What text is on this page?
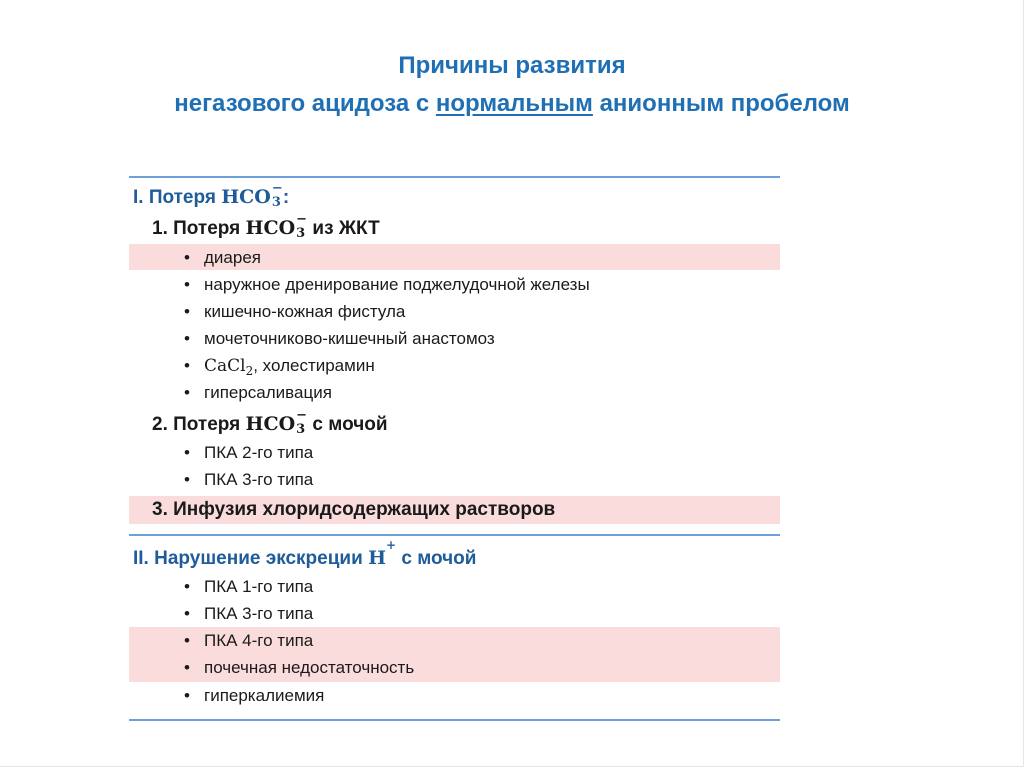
Причины развития
негазового ацидоза с нормальным анионным пробелом
I. Потеря HCO −
3 :
1. Потеря HCO −
3 из ЖКТ
• диарея
• наружное дренирование поджелудочной железы
• кишечно-кожная фистула
• мочеточниково-кишечный анастомоз
• CaCl$_2$, холестирамин
• гиперсаливация
2. Потеря HCO −
3 с мочой
• ПКА 2-го типа
• ПКА 3-го типа
3. Инфузия хлоридсодержащих растворов
II. Нарушение экскреции H+ с мочой
• ПКА 1-го типа
• ПКА 3-го типа
• ПКА 4-го типа
• почечная недостаточность
• гиперкалиемия
